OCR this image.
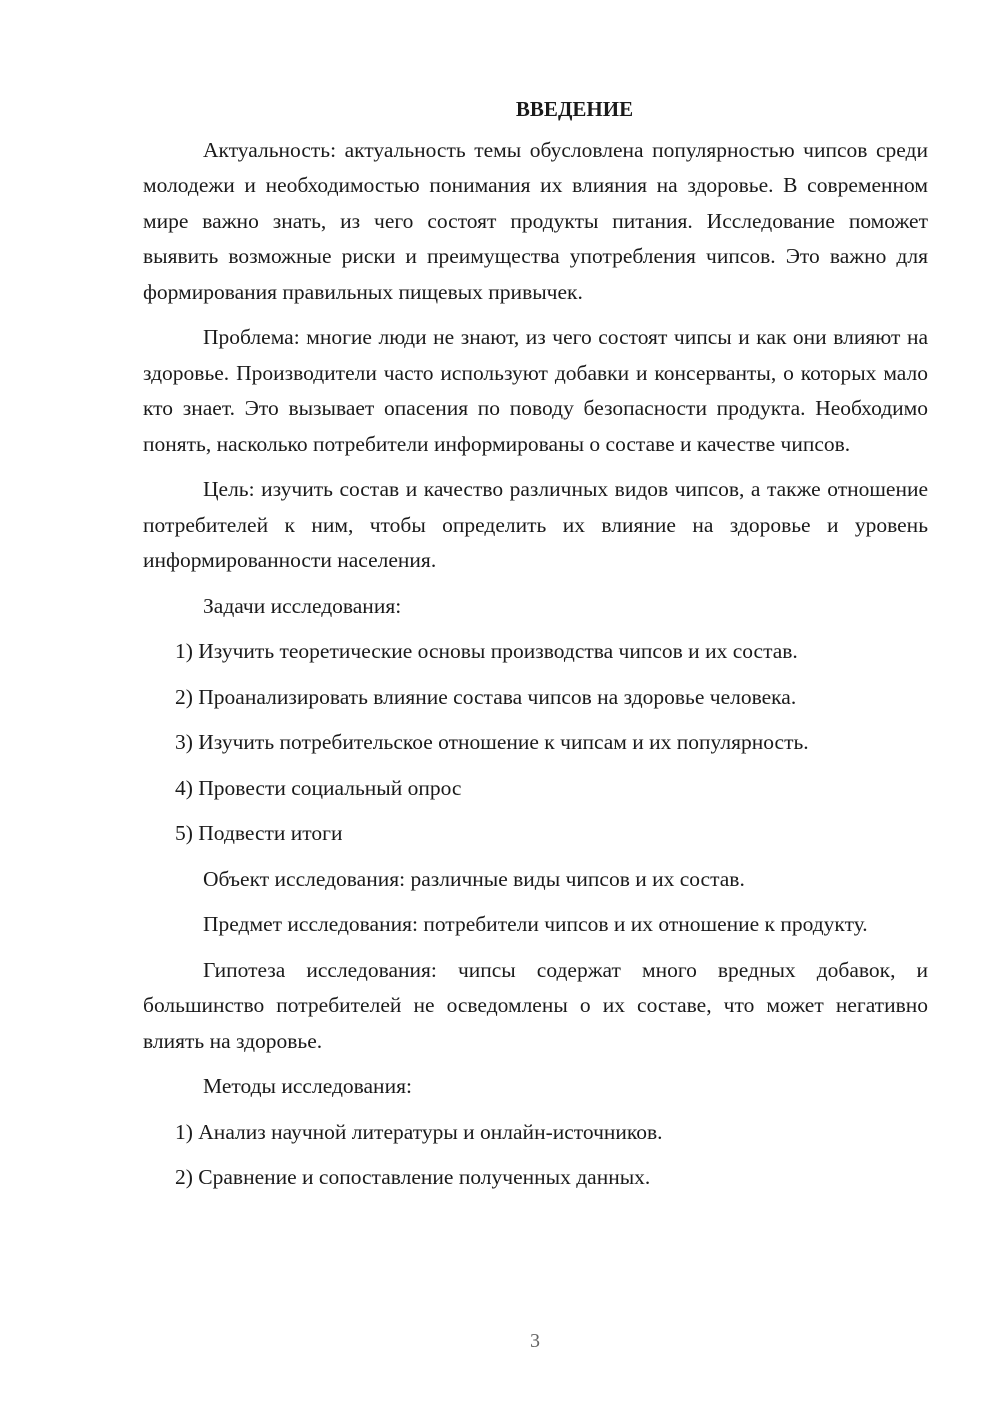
ВВЕДЕНИЕ

Актуальность: актуальность темы обусловлена популярностью чипсов среди молодежи и необходимостью понимания их влияния на здоровье. В современном мире важно знать, из чего состоят продукты питания. Исследование поможет выявить возможные риски и преимущества употребления чипсов. Это важно для формирования правильных пищевых привычек.

Проблема: многие люди не знают, из чего состоят чипсы и как они влияют на здоровье. Производители часто используют добавки и консерванты, о которых мало кто знает. Это вызывает опасения по поводу безопасности продукта. Необходимо понять, насколько потребители информированы о составе и качестве чипсов.

Цель: изучить состав и качество различных видов чипсов, а также отношение потребителей к ним, чтобы определить их влияние на здоровье и уровень информированности населения.

Задачи исследования:

1) Изучить теоретические основы производства чипсов и их состав.

2) Проанализировать влияние состава чипсов на здоровье человека.

3) Изучить потребительское отношение к чипсам и их популярность.

4) Провести социальный опрос

5) Подвести итоги

Объект исследования: различные виды чипсов и их состав.

Предмет исследования: потребители чипсов и их отношение к продукту.

Гипотеза исследования: чипсы содержат много вредных добавок, и большинство потребителей не осведомлены о их составе, что может негативно влиять на здоровье.

Методы исследования:

1) Анализ научной литературы и онлайн-источников.

2) Сравнение и сопоставление полученных данных.

3
